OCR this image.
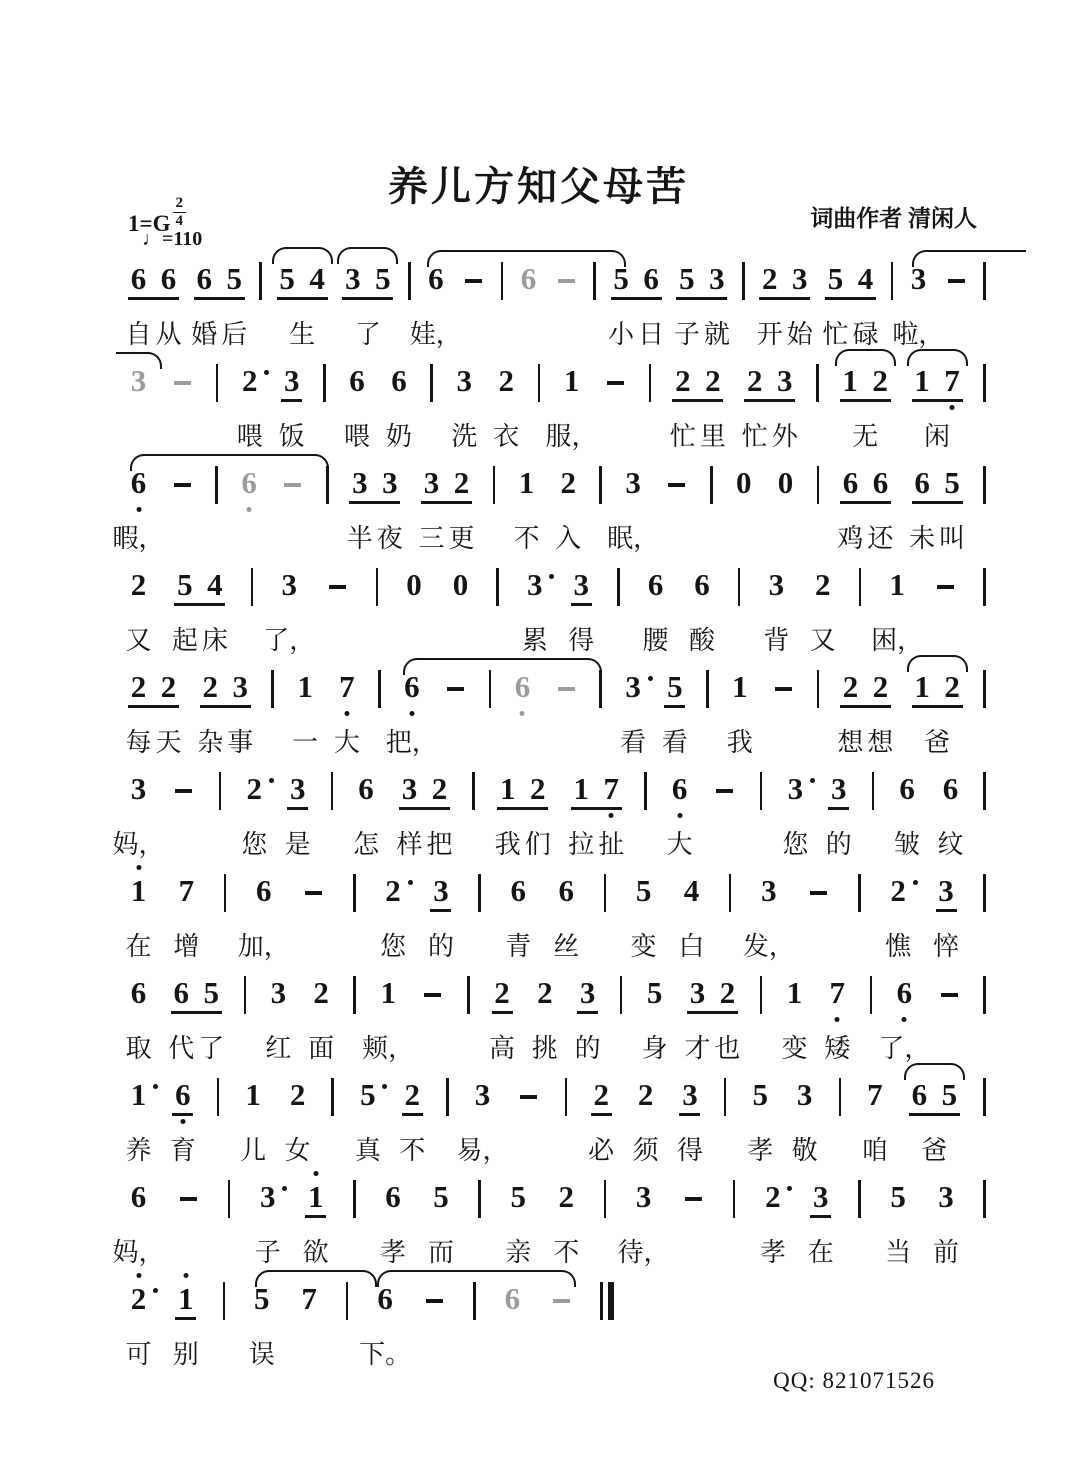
养儿方知父母苦
$1=G \frac{2}{4}$
♩=110
词曲作者 清闲人
6 6 6 5 5 4 3 5 6 6 5 6 5 3 2 3 5 4 3
自 从 婚 后 生 了 娃，	小 日 子 就 开 始 忙 碌 啦，
3	2 3 6 6 3 2 1	2 2 2 3 1 2 1 7
喂 饭 喂 奶 洗 衣 服，	忙 里 忙 外 无 闲
6	6	3 3 3 2 1 2 3	0 0 6 6 6 5
暇，	半 夜 三 更 不 入 眠，	鸡 还 未 叫
2 5 4 3	0 0 3 3 6 6 3 2 1
又 起 床 了，	累 得 腰 酸 背 又 困，
2 2 2 3 1 7 6	6	3 5 1	2 2 1 2
每 天 杂 事 一 大 把，	看 看 我	想 想 爸
3	2 3 6 3 2 1 2 1 7 6	3 3 6 6
妈，	您 是 怎 样 把 我 们 拉 扯 大	您 的 皱 纹
1 7 6	2 3 6 6 5 4 3	2 3
在 增 加，	您 的 青 丝 变 白 发，	憔 悴
6 6 5 3 2 1	2 2 3 5 3 2 1 7 6
取 代 了 红 面 颊，	高 挑 的 身 才 也 变 矮 了，
1 6 1 2 5 2 3	2 2 3 5 3 7 6 5
养 育 儿 女 真 不 易，	必 须 得 孝 敬 咱 爸
6	3 1 6 5 5 2 3	2 3 5 3
妈，	子 欲 孝 而 亲 不 待，	孝 在 当 前
2 1 5 7 6	6
可 别 误	下。
QQ: 821071526
